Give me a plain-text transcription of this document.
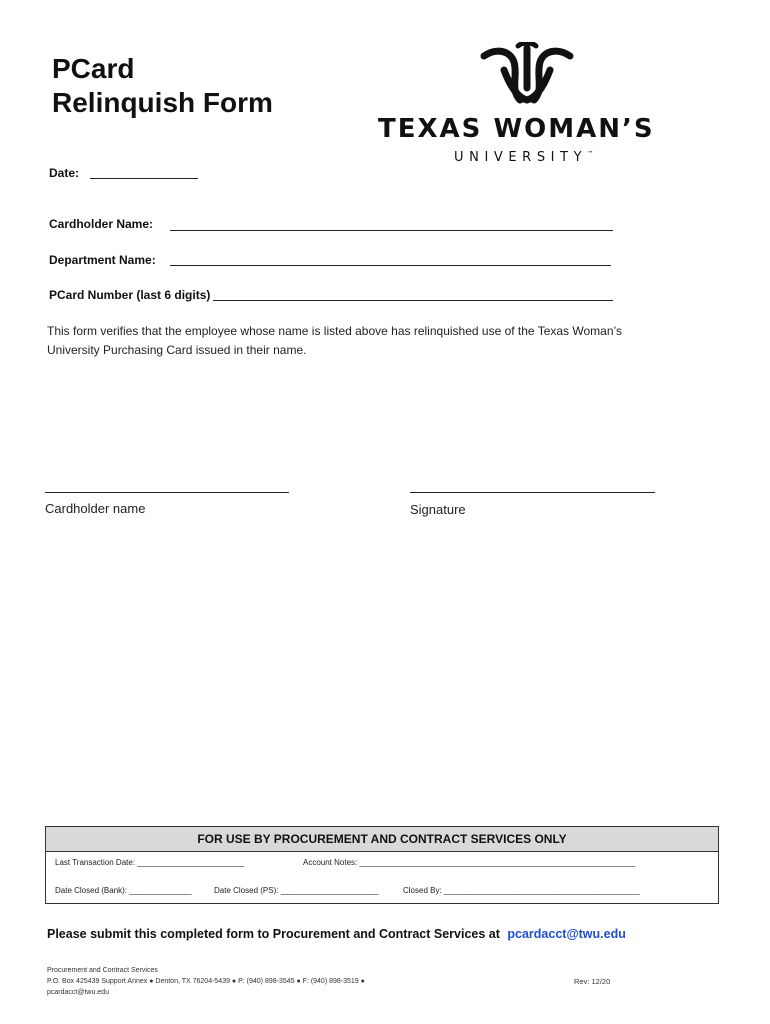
PCard
Relinquish Form
TEXAS WOMAN’S
UNIVERSITY™
Date:
Cardholder Name:
Department Name:
PCard Number (last 6 digits)
This form verifies that the employee whose name is listed above has relinquished use of the Texas Woman’s University Purchasing Card issued in their name.
Cardholder name	Signature
FOR USE BY PROCUREMENT AND CONTRACT SERVICES ONLY
Last Transaction Date: ________________________	Account Notes: ______________________________________________________________
Date Closed (Bank): ______________	Date Closed (PS): ______________________	Closed By: ____________________________________________
Please submit this completed form to Procurement and Contract Services at pcardacct@twu.edu
Procurement and Contract Services
P.O. Box 425439 Support Annex ● Denton, TX 76204-5439 ● P: (940) 898-3545 ● F: (940) 898-3519 ●
pcardacct@twu.edu
Rev: 12/20
